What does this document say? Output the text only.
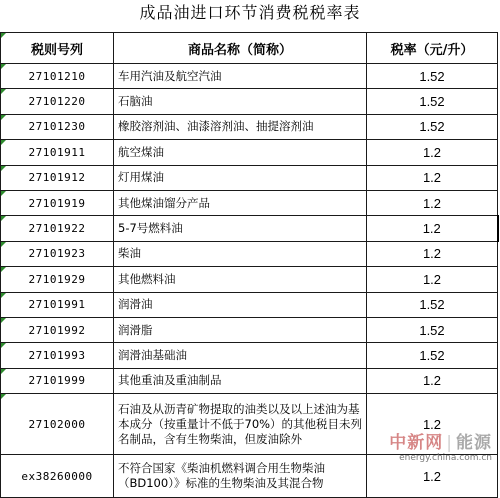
成品油进口环节消费税税率表
税则号列	商品名称（简称）	税率（元/升）
27101210	车用汽油及航空汽油	1.52
27101220	石脑油	1.52
27101230	橡胶溶剂油、油漆溶剂油、抽提溶剂油	1.52
27101911	航空煤油	1.2
27101912	灯用煤油	1.2
27101919	其他煤油馏分产品	1.2
27101922	5-7号燃料油	1.2
27101923	柴油	1.2
27101929	其他燃料油	1.2
27101991	润滑油	1.52
27101992	润滑脂	1.52
27101993	润滑油基础油	1.52
27101999	其他重油及重油制品	1.2
27102000	石油及从沥青矿物提取的油类以及以上述油为基本成分（按重量计不低于70%）的其他税目未列名制品，含有生物柴油，但废油除外	1.2
ex38260000	不符合国家《柴油机燃料调合用生物柴油（BD100）》标准的生物柴油及其混合物	1.2
中新网 | 能源
energy.china.com.cn
